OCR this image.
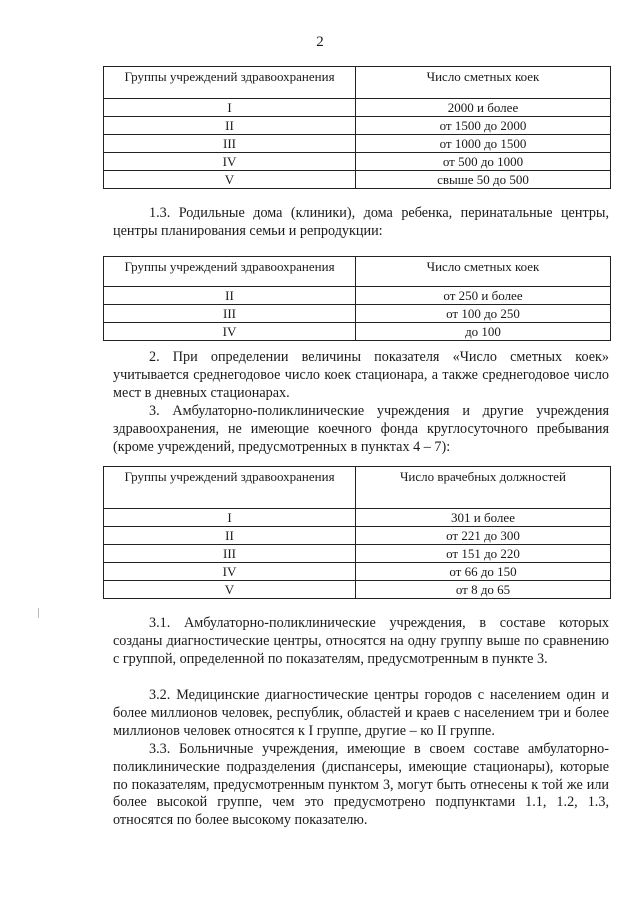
2
Группы учреждений здравоохранения	Число сметных коек
I	2000 и более
II	от 1500 до 2000
III	от 1000 до 1500
IV	от 500 до 1000
V	свыше 50 до 500

1.3. Родильные дома (клиники), дома ребенка, перинатальные центры, центры планирования семьи и репродукции:

Группы учреждений здравоохранения	Число сметных коек
II	от 250 и более
III	от 100 до 250
IV	до 100

2. При определении величины показателя «Число сметных коек» учитывается среднегодовое число коек стационара, а также среднегодовое число мест в дневных стационарах.

3. Амбулаторно-поликлинические учреждения и другие учреждения здравоохранения, не имеющие коечного фонда круглосуточного пребывания (кроме учреждений, предусмотренных в пунктах 4 – 7):

Группы учреждений здравоохранения	Число врачебных должностей
I	301 и более
II	от 221 до 300
III	от 151 до 220
IV	от 66 до 150
V	от 8 до 65

3.1. Амбулаторно-поликлинические учреждения, в составе которых созданы диагностические центры, относятся на одну группу выше по сравнению с группой, определенной по показателям, предусмотренным в пункте 3.

3.2. Медицинские диагностические центры городов с населением один и более миллионов человек, республик, областей и краев с населением три и более миллионов человек относятся к I группе, другие – ко II группе.

3.3. Больничные учреждения, имеющие в своем составе амбулаторно-поликлинические подразделения (диспансеры, имеющие стационары), которые по показателям, предусмотренным пунктом 3, могут быть отнесены к той же или более высокой группе, чем это предусмотрено подпунктами 1.1, 1.2, 1.3, относятся по более высокому показателю.
